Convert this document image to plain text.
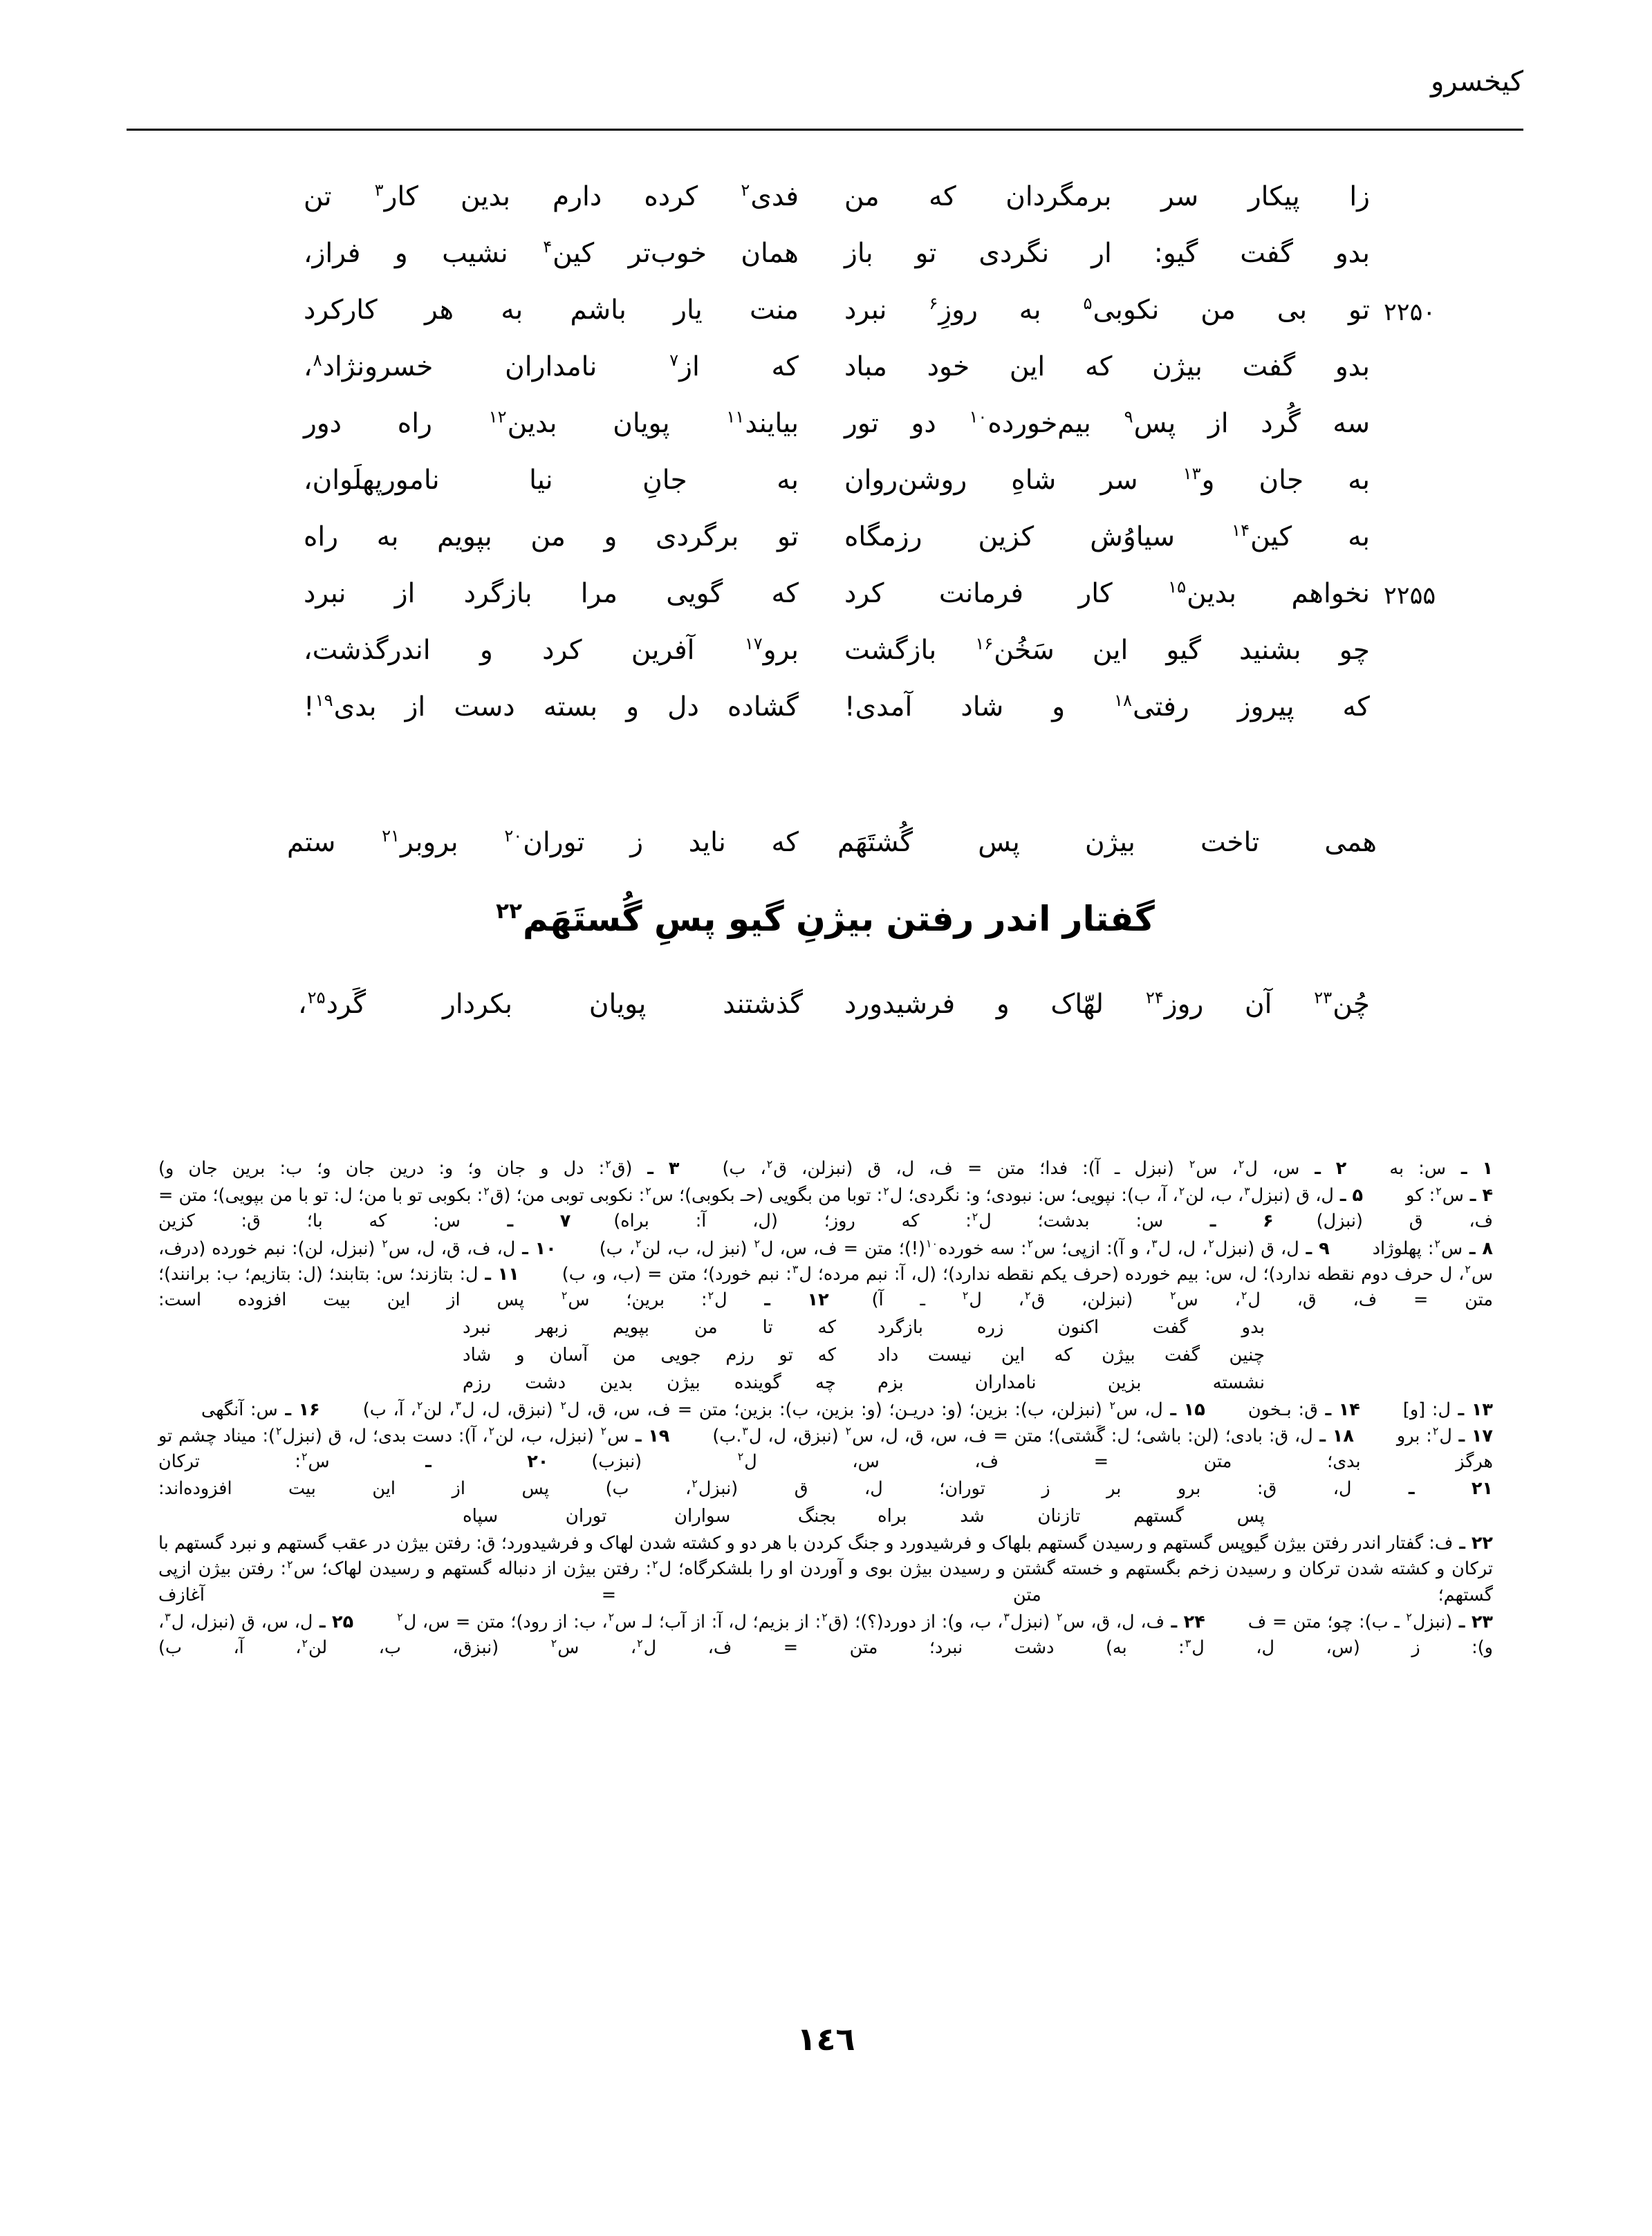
کیخسرو
ز‌ا پیکار سر برمگردان که من
فدی$^۲$ کرده دارم بدین کار$^۳$ تن
بدو گفت گیو: ار نگردی تو باز
همان خوب‌تر کین$^۴$ نشیب و فراز،
تو بی من نکوبی$^۵$ به روزِ$^۶$ نبرد
منت یار باشم به هر کارکرد	۲۲۵۰
بدو گفت بیژن که این خود مباد
که از$^۷$ نامداران خسرونژاد$^۸$،
سه گُرد از پس$^۹$ بیم‌خورده$^{۱۰}$ دو تور
بیایند$^{۱۱}$ پویان بدین$^{۱۲}$ راه دور
به جان و$^{۱۳}$ سر شاهِ روشن‌روان
به جانِ نیا نامورپهلَوان،
به کین$^{۱۴}$ سیاوُش کزین رزمگاه
تو برگردی و من بپویم به راه
نخواهم بدین$^{۱۵}$ کار فرمانت کرد
که گویی مرا بازگرد از نبرد	۲۲۵۵
چو بشنید گیو این سَخُن$^{۱۶}$ بازگشت
برو$^{۱۷}$ آفرین کرد و اندرگذشت،
که پیروز رفتی$^{۱۸}$ و شاد آمدی!
گشاده دل و بسته دست از بدی$^{۱۹}$!
همی تاخت بیژن پس گُشتَهَم
که ناید ز توران$^{۲۰}$ بروبر$^{۲۱}$ ستم
گفتار اندر رفتن بیژنِ گیو پسِ گُستَهَم$^{۲۲}$
چُن$^{۲۳}$ آن روز$^{۲۴}$ لهّاک و فرشیدورد
گذشتند پویان بکردار گَرد$^{۲۵}$،
۱ ـ س: به۲ ـ س، ل$^۲$، س$^۲$ (نبزل ـ آ): فدا؛ متن = ف، ل، ق (نبزلن، ق$^۲$، ب)۳ ـ (ق$^۲$: دل و جان و؛ و: درین جان و؛ ب: برین جان و)
۴ ـ س$^۲$: کو۵ ـ ل، ق (نبزل$^۳$، ب، لن$^۲$، آ، ب): نپویی؛ س: نبودی؛ و: نگردی؛ ل$^۲$: توبا من بگویی (حـ بکوبی)؛ س$^۲$: نکوبی توبی من؛ (ق$^۲$: بکوبی تو با من؛ ل: تو با من بپویی)؛ متن = ف، ق (نبزل)۶ ـ س: بدشت؛ ل$^۲$: که روز؛ (ل، آ: براه)۷ ـ س: که با؛ ق: کزین
۸ ـ س$^۲$: پهلوژاد۹ ـ ل، ق (نبزل$^۲$، ل، ل$^۳$، و آ): ازپی؛ س$^۲$: سه خورده$^{۱۰}$(!)؛ متن = ف، س، ل$^۲$ (نبز ل، ب، لن$^۲$، ب)۱۰ ـ ل، ف، ق، ل، س$^۲$ (نبزل، لن): نبم خورده (درف، س$^۲$، ل حرف دوم نقطه ندارد)؛ ل، س: بیم خورده (حرف یکم نقطه ندارد)؛ (ل، آ: نبم مرده؛ ل$^۳$: نبم خورد)؛ متن = (ب، و، ب)۱۱ ـ ل: بتازند؛ س: بتابند؛ (ل: بتازیم؛ ب: برانند)؛ متن = ف، ق، ل$^۲$، س$^۲$ (نبزلن، ق$^۲$، ل$^۲$ ـ آ)۱۲ ـ ل$^۲$: برین؛ س$^۲$ پس از این بیت افزوده است:
بدو گفت اکنون زره بازگرد
که تا من بپویم زبهر نبرد
چنین گفت بیژن که این نیست داد
که تو رزم جویی من آسان و شاد
نشسته بزین نامداران بزم
چه گوینده بیژن بدین دشت رزم
۱۳ ـ ل: [و]۱۴ ـ ق: بـخون۱۵ ـ ل، س$^۲$ (نبزلن، ب): بزین؛ (و: دریـن؛ (و: بزین، ب): بزین؛ متن = ف، س، ق، ل$^۲$ (نبزق، ل، ل$^۳$، لن$^۲$، آ، ب)۱۶ ـ س: آنگهی۱۷ ـ ل$^۲$: برو۱۸ ـ ل، ق: بادی؛ (لن: باشی؛ ل: گَشتی)؛ متن = ف، س، ق، ل، س$^۲$ (نبزق، ل، ل$^۳$.ب)۱۹ ـ س$^۲$ (نبزل، ب، لن$^۲$، آ): دست بدی؛ ل، ق (نبزل$^۲$): میناد چشم تو هرگز بدی؛ متن = ف، س، ل$^۲$ (نبزب)۲۰ ـ س$^۲$: ترکان
۲۱ ـ ل، ق: برو بر ز توران؛ ل، ق (نبزل$^۲$، ب) پس از این بیت افزوده‌اند:
پس گستهم تازنان شد براه
بجنگ سواران توران سپاه
۲۲ ـ ف: گفتار اندر رفتن بیژن گیوپس گستهم و رسیدن گستهم بلهاک و فرشیدورد و جنگ کردن با هر دو و کشته شدن لهاک و فرشیدورد؛ ق: رفتن بیژن در عقب گستهم و نبرد گستهم با ترکان و کشته شدن ترکان و رسیدن زخم بگستهم و خسته گشتن و رسیدن بیژن بوی و آوردن او را بلشکرگاه؛ ل$^۲$: رفتن بیژن از دنباله گستهم و رسیدن لهاک؛ س$^۲$: رفتن بیژن ازپی گستهم؛ متن = آغازف
۲۳ ـ (نبزل$^۲$ ـ ب): چو؛ متن = ف۲۴ ـ ف، ل، ق، س$^۲$ (نبزل$^۳$، ب، و): از دورد(؟)؛ (ق$^۲$: از بزیم؛ ل، آ: از آب؛ لـ س$^۲$، ب: از رود)؛ متن = س، ل$^۲$۲۵ ـ ل، س، ق (نبزل، ل$^۳$، و): ز (س، ل، ل$^۳$: به) دشت نبرد؛ متن = ف، ل$^۲$، س$^۲$ (نبزق، ب، لن$^۲$، آ، ب)
١٤٦
